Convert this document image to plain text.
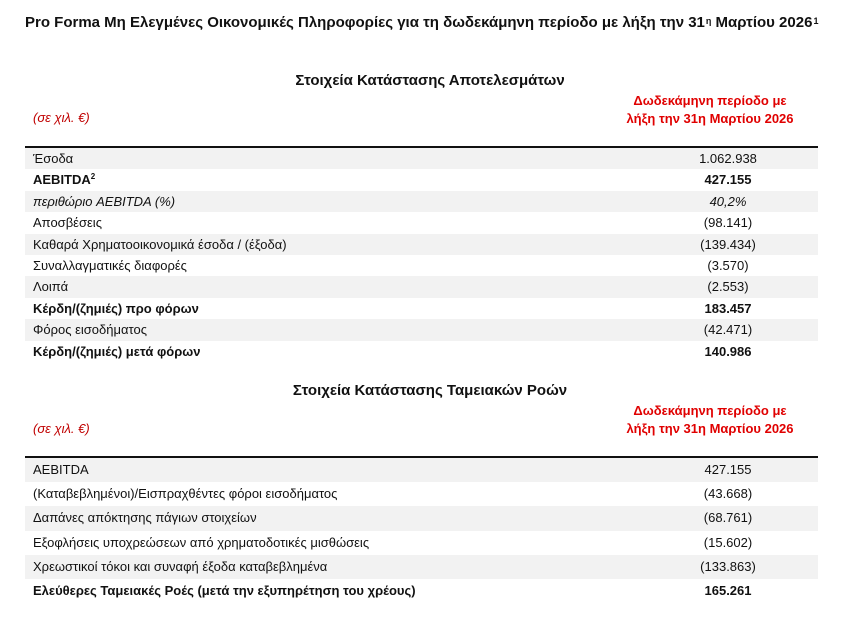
Pro Forma Μη Ελεγμένες Οικονομικές Πληροφορίες για τη δωδεκάμηνη περίοδο με λήξη την $31^\eta$ Μαρτίου 2026$^1$
Στοιχεία Κατάστασης Αποτελεσμάτων
(σε χιλ. €)
Δωδεκάμηνη περίοδο με λήξη την 31η Μαρτίου 2026
Έσοδα	1.062.938
AEBITDA$^2$	427.155
περιθώριο AEBITDA (%)	40,2%
Αποσβέσεις	(98.141)
Καθαρά Χρηματοοικονομικά έσοδα / (έξοδα)	(139.434)
Συναλλαγματικές διαφορές	(3.570)
Λοιπά	(2.553)
Κέρδη/(ζημιές) προ φόρων	183.457
Φόρος εισοδήματος	(42.471)
Κέρδη/(ζημιές) μετά φόρων	140.986
Στοιχεία Κατάστασης Ταμειακών Ροών
(σε χιλ. €)
Δωδεκάμηνη περίοδο με λήξη την 31η Μαρτίου 2026
AEBITDA	427.155
(Καταβεβλημένοι)/Εισπραχθέντες φόροι εισοδήματος	(43.668)
Δαπάνες απόκτησης πάγιων στοιχείων	(68.761)
Εξοφλήσεις υποχρεώσεων από χρηματοδοτικές μισθώσεις	(15.602)
Χρεωστικοί τόκοι και συναφή έξοδα καταβεβλημένα	(133.863)
Ελεύθερες Ταμειακές Ροές (μετά την εξυπηρέτηση του χρέους)	165.261
